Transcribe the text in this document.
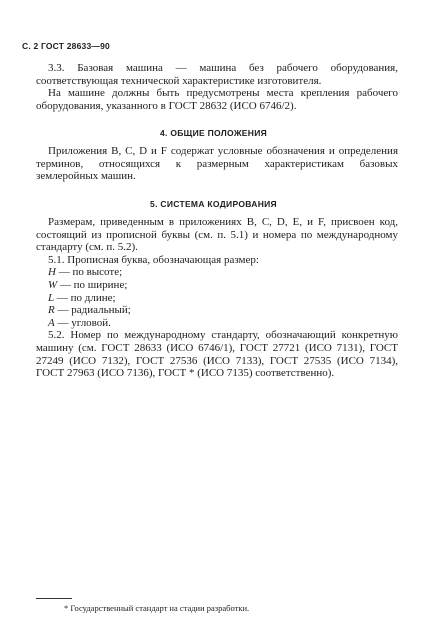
С. 2 ГОСТ 28633—90

3.3. Базовая машина — машина без рабочего оборудования, соответствующая технической характеристике изготовителя.

На машине должны быть предусмотрены места крепления рабочего оборудования, указанного в ГОСТ 28632 (ИСО 6746/2).

4. ОБЩИЕ ПОЛОЖЕНИЯ

Приложения В, С, D и F содержат условные обозначения и определения терминов, относящихся к размерным характеристикам базовых землеройных машин.

5. СИСТЕМА КОДИРОВАНИЯ

Размерам, приведенным в приложениях В, С, D, E, и F, присвоен код, состоящий из прописной буквы (см. п. 5.1) и номера по международному стандарту (см. п. 5.2).

5.1. Прописная буква, обозначающая размер:

H — по высоте;

W — по ширине;

L — по длине;

R — радиальный;

A — угловой.

5.2. Номер по международному стандарту, обозначающий конкретную машину (см. ГОСТ 28633 (ИСО 6746/1), ГОСТ 27721 (ИСО 7131), ГОСТ 27249 (ИСО 7132), ГОСТ 27536 (ИСО 7133), ГОСТ 27535 (ИСО 7134), ГОСТ 27963 (ИСО 7136), ГОСТ * (ИСО 7135) соответственно).

* Государственный стандарт на стадии разработки.
